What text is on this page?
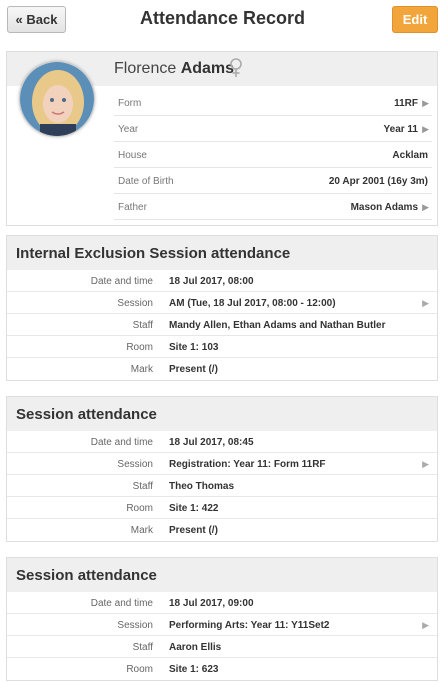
« Back	Attendance Record	Edit
Florence Adams
Form	11RF ▶
Year	Year 11 ▶
House	Acklam
Date of Birth	20 Apr 2001 (16y 3m)
Father	Mason Adams ▶
Internal Exclusion Session attendance
Date and time 18 Jul 2017, 08:00
Session AM (Tue, 18 Jul 2017, 08:00 - 12:00)	▶
Staff Mandy Allen, Ethan Adams and Nathan Butler
Room Site 1: 103
Mark Present (/)
Session attendance
Date and time 18 Jul 2017, 08:45
Session Registration: Year 11: Form 11RF	▶
Staff Theo Thomas
Room Site 1: 422
Mark Present (/)
Session attendance
Date and time 18 Jul 2017, 09:00
Session Performing Arts: Year 11: Y11Set2	▶
Staff Aaron Ellis
Room Site 1: 623
